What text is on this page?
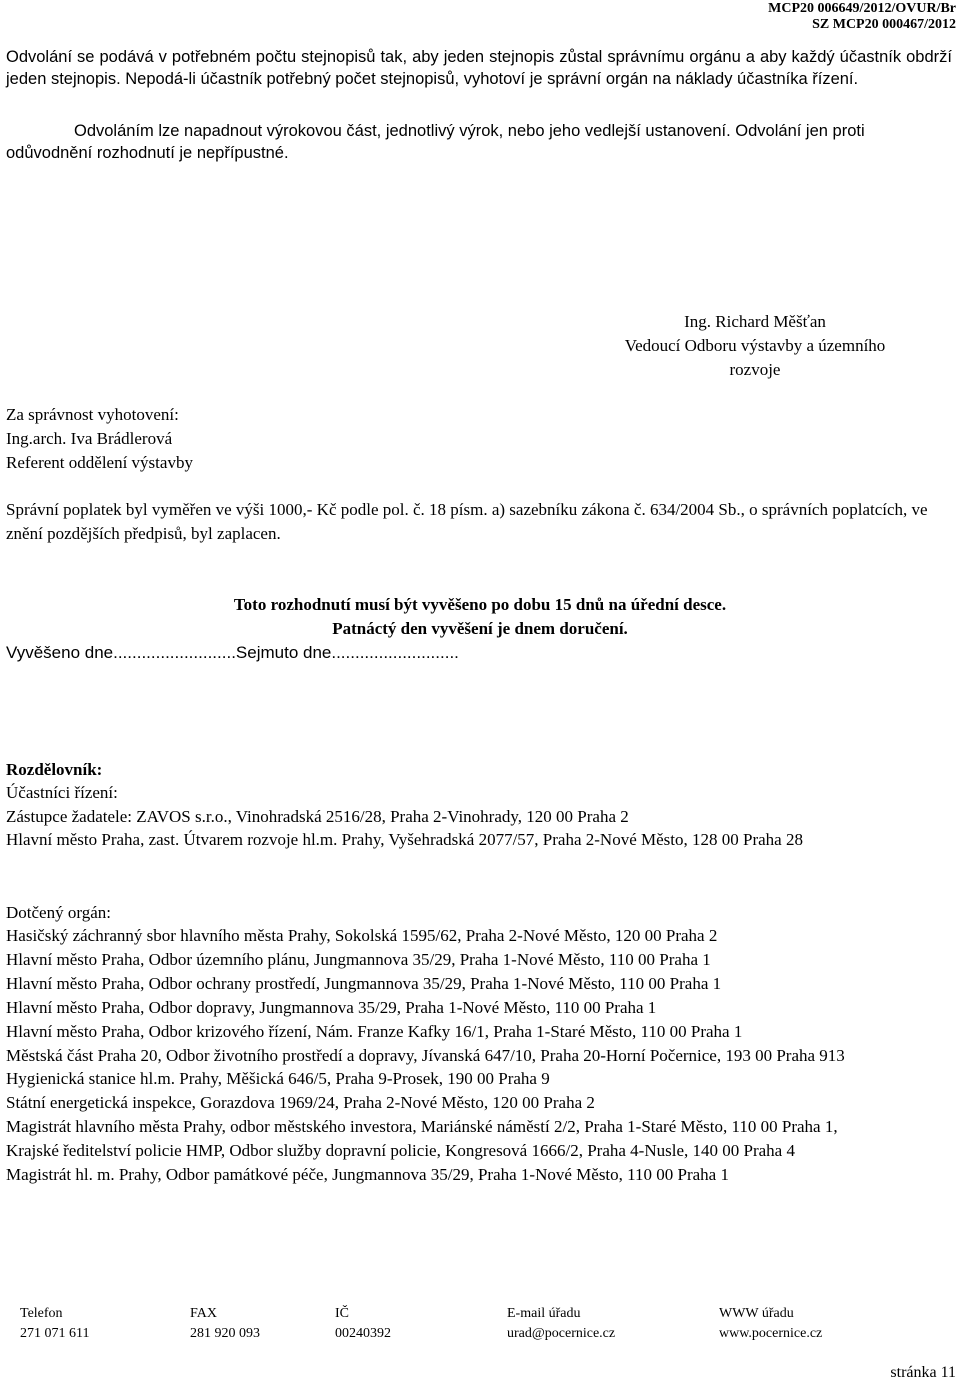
MCP20 006649/2012/OVUR/Br
SZ MCP20 000467/2012
Odvolání se podává v potřebném počtu stejnopisů tak, aby jeden stejnopis zůstal správnímu orgánu a aby každý účastník obdrží jeden stejnopis. Nepodá-li účastník potřebný počet stejnopisů, vyhotoví je správní orgán na náklady účastníka řízení.
Odvoláním lze napadnout výrokovou část, jednotlivý výrok, nebo jeho vedlejší ustanovení. Odvolání jen proti odůvodnění rozhodnutí je nepřípustné.
Ing. Richard Měšťan
Vedoucí Odboru výstavby a územního
rozvoje
Za správnost vyhotovení:
Ing.arch. Iva Brádlerová
Referent oddělení výstavby
Správní poplatek byl vyměřen ve výši 1000,- Kč podle pol. č. 18 písm. a) sazebníku zákona č. 634/2004 Sb., o správních poplatcích, ve znění pozdějších předpisů, byl zaplacen.
Toto rozhodnutí musí být vyvěšeno po dobu 15 dnů na úřední desce.
Patnáctý den vyvěšení je dnem doručení.
Vyvěšeno dne..........................Sejmuto dne...........................
Rozdělovník:
Účastníci řízení:
Zástupce žadatele: ZAVOS s.r.o., Vinohradská 2516/28, Praha 2-Vinohrady, 120 00 Praha 2
Hlavní město Praha, zast. Útvarem rozvoje hl.m. Prahy, Vyšehradská 2077/57, Praha 2-Nové Město, 128 00 Praha 28
Dotčený orgán:
Hasičský záchranný sbor hlavního města Prahy, Sokolská 1595/62, Praha 2-Nové Město, 120 00 Praha 2
Hlavní město Praha, Odbor územního plánu, Jungmannova 35/29, Praha 1-Nové Město, 110 00 Praha 1
Hlavní město Praha, Odbor ochrany prostředí, Jungmannova 35/29, Praha 1-Nové Město, 110 00 Praha 1
Hlavní město Praha, Odbor dopravy, Jungmannova 35/29, Praha 1-Nové Město, 110 00 Praha 1
Hlavní město Praha, Odbor krizového řízení, Nám. Franze Kafky 16/1, Praha 1-Staré Město, 110 00 Praha 1
Městská část Praha 20, Odbor životního prostředí a dopravy, Jívanská 647/10, Praha 20-Horní Počernice, 193 00 Praha 913
Hygienická stanice hl.m. Prahy, Měšická 646/5, Praha 9-Prosek, 190 00 Praha 9
Státní energetická inspekce, Gorazdova 1969/24, Praha 2-Nové Město, 120 00 Praha 2
Magistrát hlavního města Prahy, odbor městského investora, Mariánské náměstí 2/2, Praha 1-Staré Město, 110 00 Praha 1,
Krajské ředitelství policie HMP, Odbor služby dopravní policie, Kongresová 1666/2, Praha 4-Nusle, 140 00 Praha 4
Magistrát hl. m. Prahy, Odbor památkové péče, Jungmannova 35/29, Praha 1-Nové Město, 110 00 Praha 1
Telefon
271 071 611
FAX
281 920 093
IČ
00240392
E-mail úřadu
urad@pocernice.cz
WWW úřadu
www.pocernice.cz
stránka 11
